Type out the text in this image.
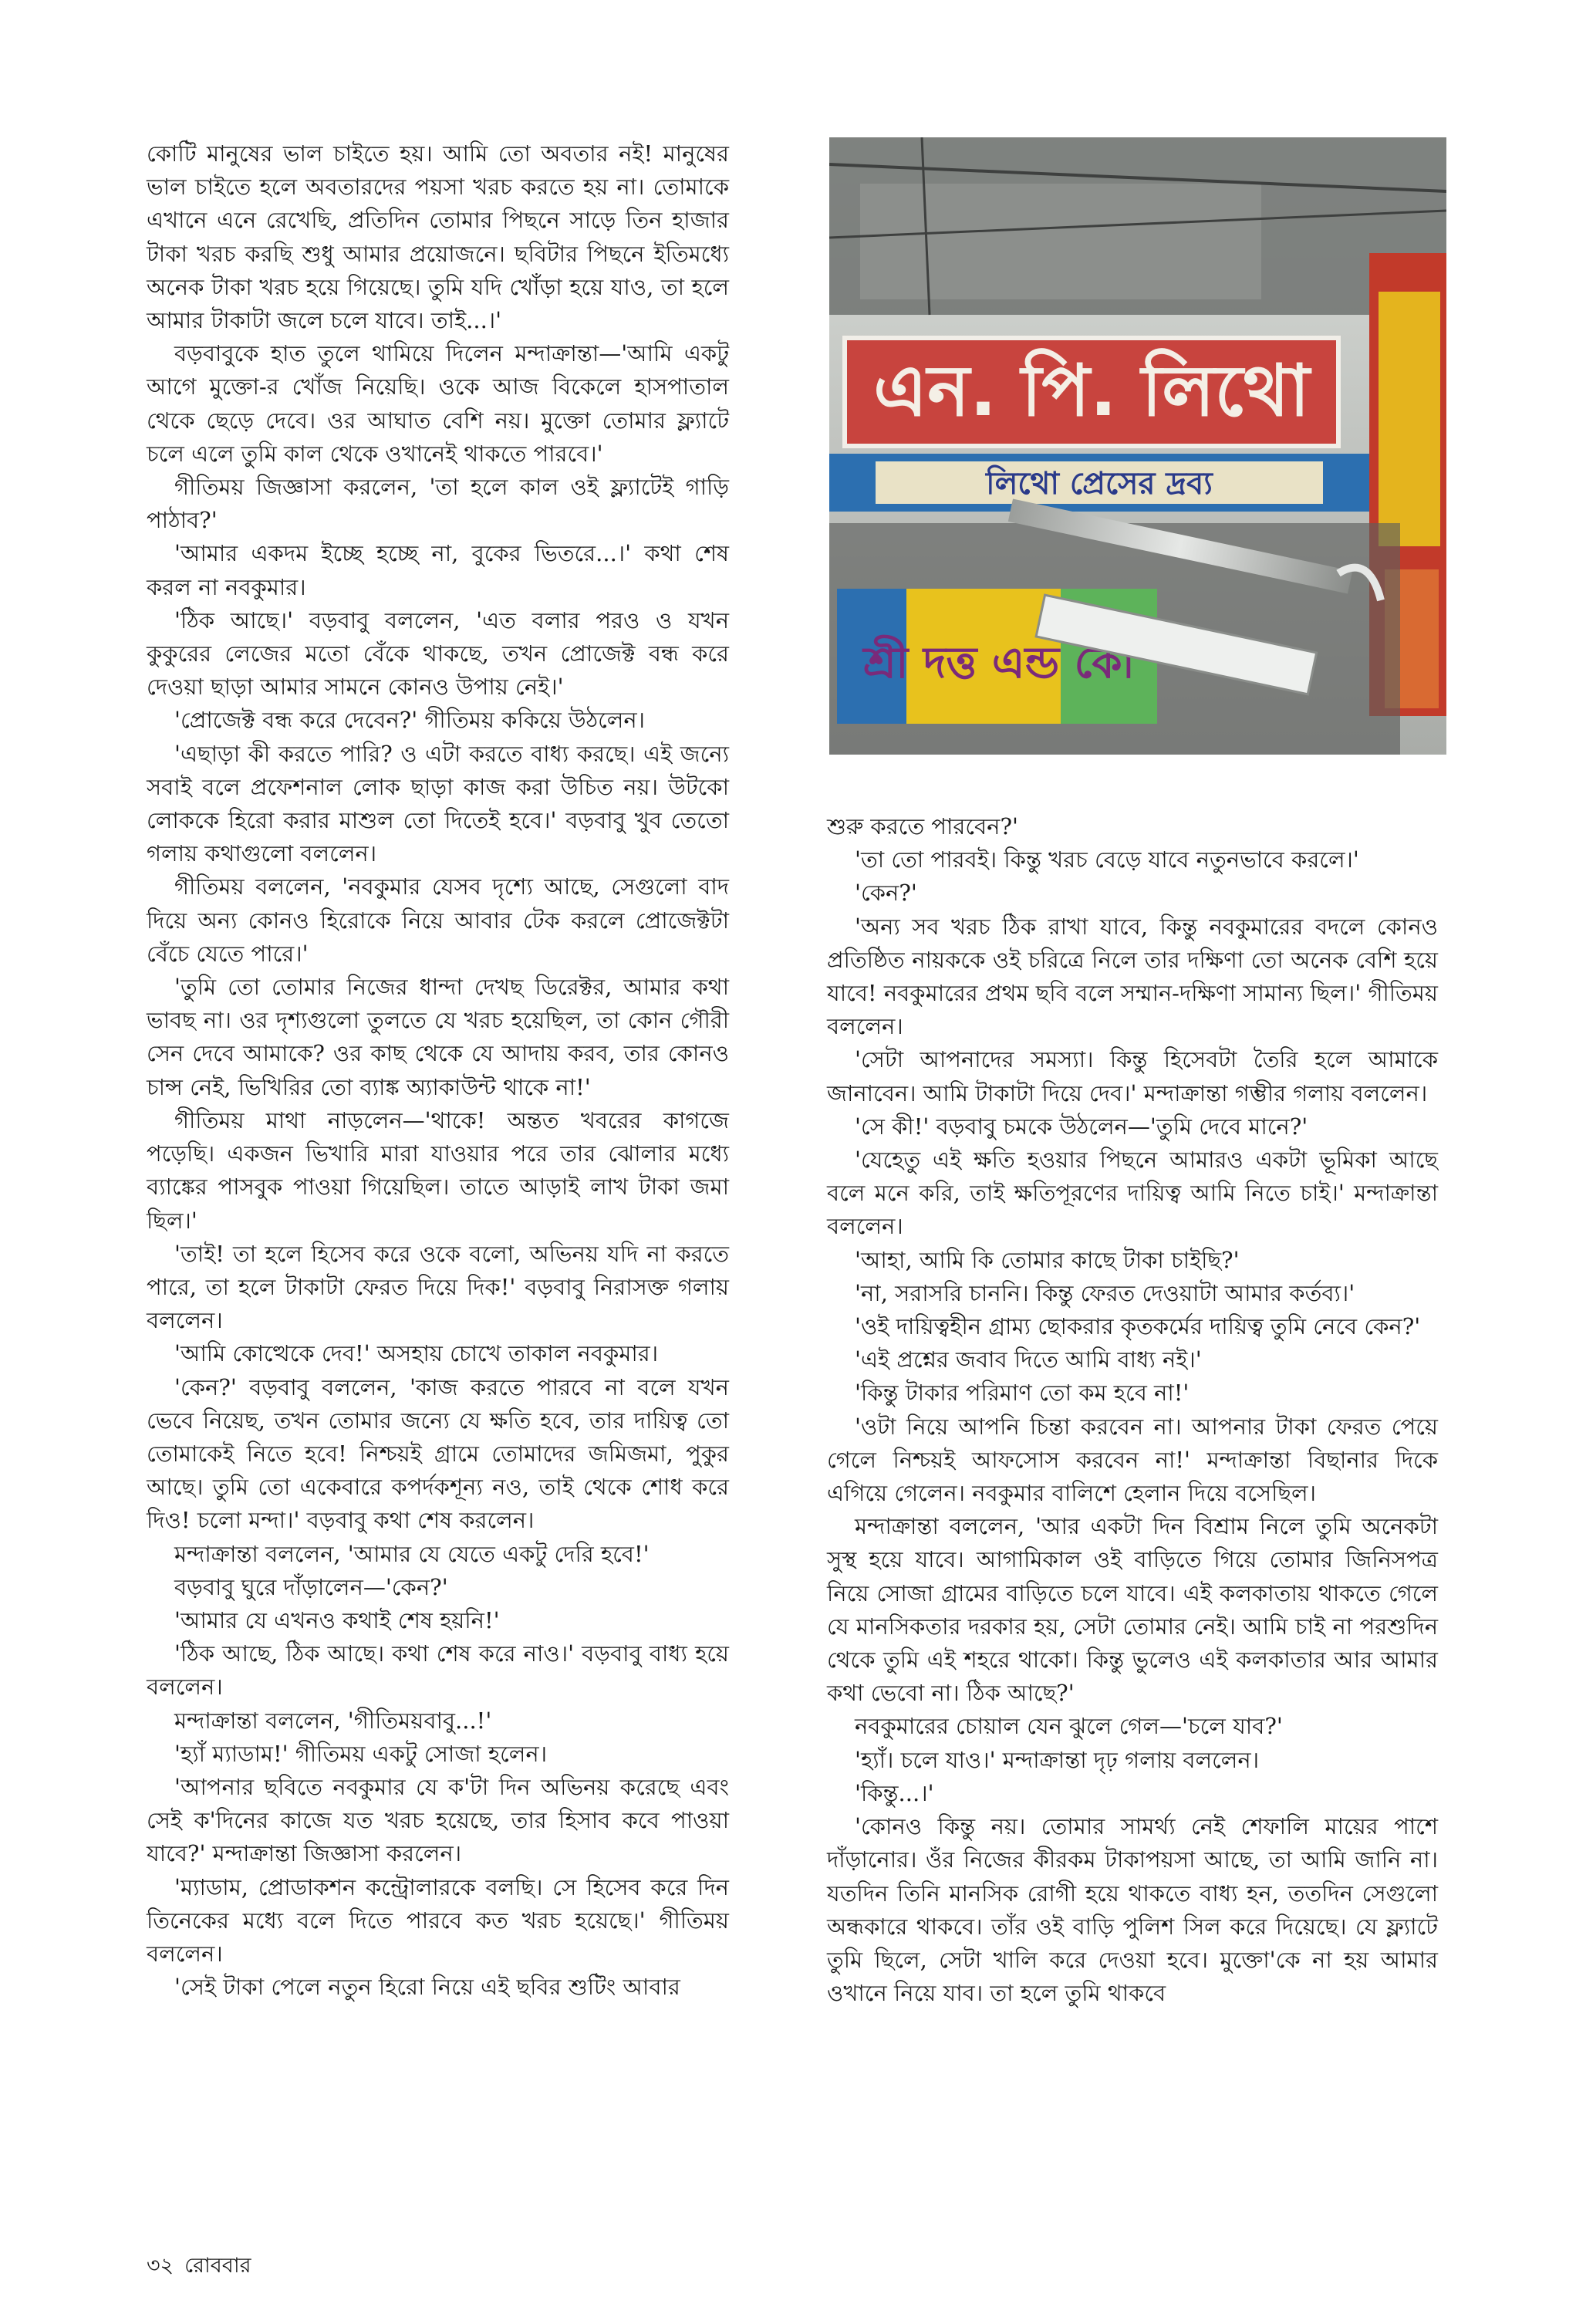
কোটি মানুষের ভাল চাইতে হয়। আমি তো অবতার নই! মানুষের ভাল চাইতে হলে অবতারদের পয়সা খরচ করতে হয় না। তোমাকে এখানে এনে রেখেছি, প্রতিদিন তোমার পিছনে সাড়ে তিন হাজার টাকা খরচ করছি শুধু আমার প্রয়োজনে। ছবিটার পিছনে ইতিমধ্যে অনেক টাকা খরচ হয়ে গিয়েছে। তুমি যদি খোঁড়া হয়ে যাও, তা হলে আমার টাকাটা জলে চলে যাবে। তাই...।'

বড়বাবুকে হাত তুলে থামিয়ে দিলেন মন্দাক্রান্তা—'আমি একটু আগে মুক্তো-র খোঁজ নিয়েছি। ওকে আজ বিকেলে হাসপাতাল থেকে ছেড়ে দেবে। ওর আঘাত বেশি নয়। মুক্তো তোমার ফ্ল্যাটে চলে এলে তুমি কাল থেকে ওখানেই থাকতে পারবে।'

গীতিময় জিজ্ঞাসা করলেন, 'তা হলে কাল ওই ফ্ল্যাটেই গাড়ি পাঠাব?'

'আমার একদম ইচ্ছে হচ্ছে না, বুকের ভিতরে...।' কথা শেষ করল না নবকুমার।

'ঠিক আছে।' বড়বাবু বললেন, 'এত বলার পরও ও যখন কুকুরের লেজের মতো বেঁকে থাকছে, তখন প্রোজেক্ট বন্ধ করে দেওয়া ছাড়া আমার সামনে কোনও উপায় নেই।'

'প্রোজেক্ট বন্ধ করে দেবেন?' গীতিময় ককিয়ে উঠলেন।

'এছাড়া কী করতে পারি? ও এটা করতে বাধ্য করছে। এই জন্যে সবাই বলে প্রফেশনাল লোক ছাড়া কাজ করা উচিত নয়। উটকো লোককে হিরো করার মাশুল তো দিতেই হবে।' বড়বাবু খুব তেতো গলায় কথাগুলো বললেন।

গীতিময় বললেন, 'নবকুমার যেসব দৃশ্যে আছে, সেগুলো বাদ দিয়ে অন্য কোনও হিরোকে নিয়ে আবার টেক করলে প্রোজেক্টটা বেঁচে যেতে পারে।'

'তুমি তো তোমার নিজের ধান্দা দেখছ ডিরেক্টর, আমার কথা ভাবছ না। ওর দৃশ্যগুলো তুলতে যে খরচ হয়েছিল, তা কোন গৌরী সেন দেবে আমাকে? ওর কাছ থেকে যে আদায় করব, তার কোনও চান্স নেই, ভিখিরির তো ব্যাঙ্ক অ্যাকাউন্ট থাকে না!'

গীতিময় মাথা নাড়লেন—'থাকে! অন্তত খবরের কাগজে পড়েছি। একজন ভিখারি মারা যাওয়ার পরে তার ঝোলার মধ্যে ব্যাঙ্কের পাসবুক পাওয়া গিয়েছিল। তাতে আড়াই লাখ টাকা জমা ছিল।'

'তাই! তা হলে হিসেব করে ওকে বলো, অভিনয় যদি না করতে পারে, তা হলে টাকাটা ফেরত দিয়ে দিক!' বড়বাবু নিরাসক্ত গলায় বললেন।

'আমি কোত্থেকে দেব!' অসহায় চোখে তাকাল নবকুমার।

'কেন?' বড়বাবু বললেন, 'কাজ করতে পারবে না বলে যখন ভেবে নিয়েছ, তখন তোমার জন্যে যে ক্ষতি হবে, তার দায়িত্ব তো তোমাকেই নিতে হবে! নিশ্চয়ই গ্রামে তোমাদের জমিজমা, পুকুর আছে। তুমি তো একেবারে কপর্দকশূন্য নও, তাই থেকে শোধ করে দিও! চলো মন্দা।' বড়বাবু কথা শেষ করলেন।

মন্দাক্রান্তা বললেন, 'আমার যে যেতে একটু দেরি হবে!'

বড়বাবু ঘুরে দাঁড়ালেন—'কেন?'

'আমার যে এখনও কথাই শেষ হয়নি!'

'ঠিক আছে, ঠিক আছে। কথা শেষ করে নাও।' বড়বাবু বাধ্য হয়ে বললেন।

মন্দাক্রান্তা বললেন, 'গীতিময়বাবু...!'

'হ্যাঁ ম্যাডাম!' গীতিময় একটু সোজা হলেন।

'আপনার ছবিতে নবকুমার যে ক'টা দিন অভিনয় করেছে এবং সেই ক'দিনের কাজে যত খরচ হয়েছে, তার হিসাব কবে পাওয়া যাবে?' মন্দাক্রান্তা জিজ্ঞাসা করলেন।

'ম্যাডাম, প্রোডাকশন কন্ট্রোলারকে বলছি। সে হিসেব করে দিন তিনেকের মধ্যে বলে দিতে পারবে কত খরচ হয়েছে।' গীতিময় বললেন।

'সেই টাকা পেলে নতুন হিরো নিয়ে এই ছবির শুটিং আবার

এন. পি. লিথো
লিথো প্রেসের দ্রব্য
শ্রী দত্ত এন্ড কো

শুরু করতে পারবেন?'

'তা তো পারবই। কিন্তু খরচ বেড়ে যাবে নতুনভাবে করলে।'

'কেন?'

'অন্য সব খরচ ঠিক রাখা যাবে, কিন্তু নবকুমারের বদলে কোনও প্রতিষ্ঠিত নায়ককে ওই চরিত্রে নিলে তার দক্ষিণা তো অনেক বেশি হয়ে যাবে! নবকুমারের প্রথম ছবি বলে সম্মান-দক্ষিণা সামান্য ছিল।' গীতিময় বললেন।

'সেটা আপনাদের সমস্যা। কিন্তু হিসেবটা তৈরি হলে আমাকে জানাবেন। আমি টাকাটা দিয়ে দেব।' মন্দাক্রান্তা গম্ভীর গলায় বললেন।

'সে কী!' বড়বাবু চমকে উঠলেন—'তুমি দেবে মানে?'

'যেহেতু এই ক্ষতি হওয়ার পিছনে আমারও একটা ভূমিকা আছে বলে মনে করি, তাই ক্ষতিপূরণের দায়িত্ব আমি নিতে চাই।' মন্দাক্রান্তা বললেন।

'আহা, আমি কি তোমার কাছে টাকা চাইছি?'

'না, সরাসরি চাননি। কিন্তু ফেরত দেওয়াটা আমার কর্তব্য।'

'ওই দায়িত্বহীন গ্রাম্য ছোকরার কৃতকর্মের দায়িত্ব তুমি নেবে কেন?'

'এই প্রশ্নের জবাব দিতে আমি বাধ্য নই।'

'কিন্তু টাকার পরিমাণ তো কম হবে না!'

'ওটা নিয়ে আপনি চিন্তা করবেন না। আপনার টাকা ফেরত পেয়ে গেলে নিশ্চয়ই আফসোস করবেন না!' মন্দাক্রান্তা বিছানার দিকে এগিয়ে গেলেন। নবকুমার বালিশে হেলান দিয়ে বসেছিল।

মন্দাক্রান্তা বললেন, 'আর একটা দিন বিশ্রাম নিলে তুমি অনেকটা সুস্থ হয়ে যাবে। আগামিকাল ওই বাড়িতে গিয়ে তোমার জিনিসপত্র নিয়ে সোজা গ্রামের বাড়িতে চলে যাবে। এই কলকাতায় থাকতে গেলে যে মানসিকতার দরকার হয়, সেটা তোমার নেই। আমি চাই না পরশুদিন থেকে তুমি এই শহরে থাকো। কিন্তু ভুলেও এই কলকাতার আর আমার কথা ভেবো না। ঠিক আছে?'

নবকুমারের চোয়াল যেন ঝুলে গেল—'চলে যাব?'

'হ্যাঁ। চলে যাও।' মন্দাক্রান্তা দৃঢ় গলায় বললেন।

'কিন্তু...।'

'কোনও কিন্তু নয়। তোমার সামর্থ্য নেই শেফালি মায়ের পাশে দাঁড়ানোর। ওঁর নিজের কীরকম টাকাপয়সা আছে, তা আমি জানি না। যতদিন তিনি মানসিক রোগী হয়ে থাকতে বাধ্য হন, ততদিন সেগুলো অন্ধকারে থাকবে। তাঁর ওই বাড়ি পুলিশ সিল করে দিয়েছে। যে ফ্ল্যাটে তুমি ছিলে, সেটা খালি করে দেওয়া হবে। মুক্তো'কে না হয় আমার ওখানে নিয়ে যাব। তা হলে তুমি থাকবে

৩২ রোববার
